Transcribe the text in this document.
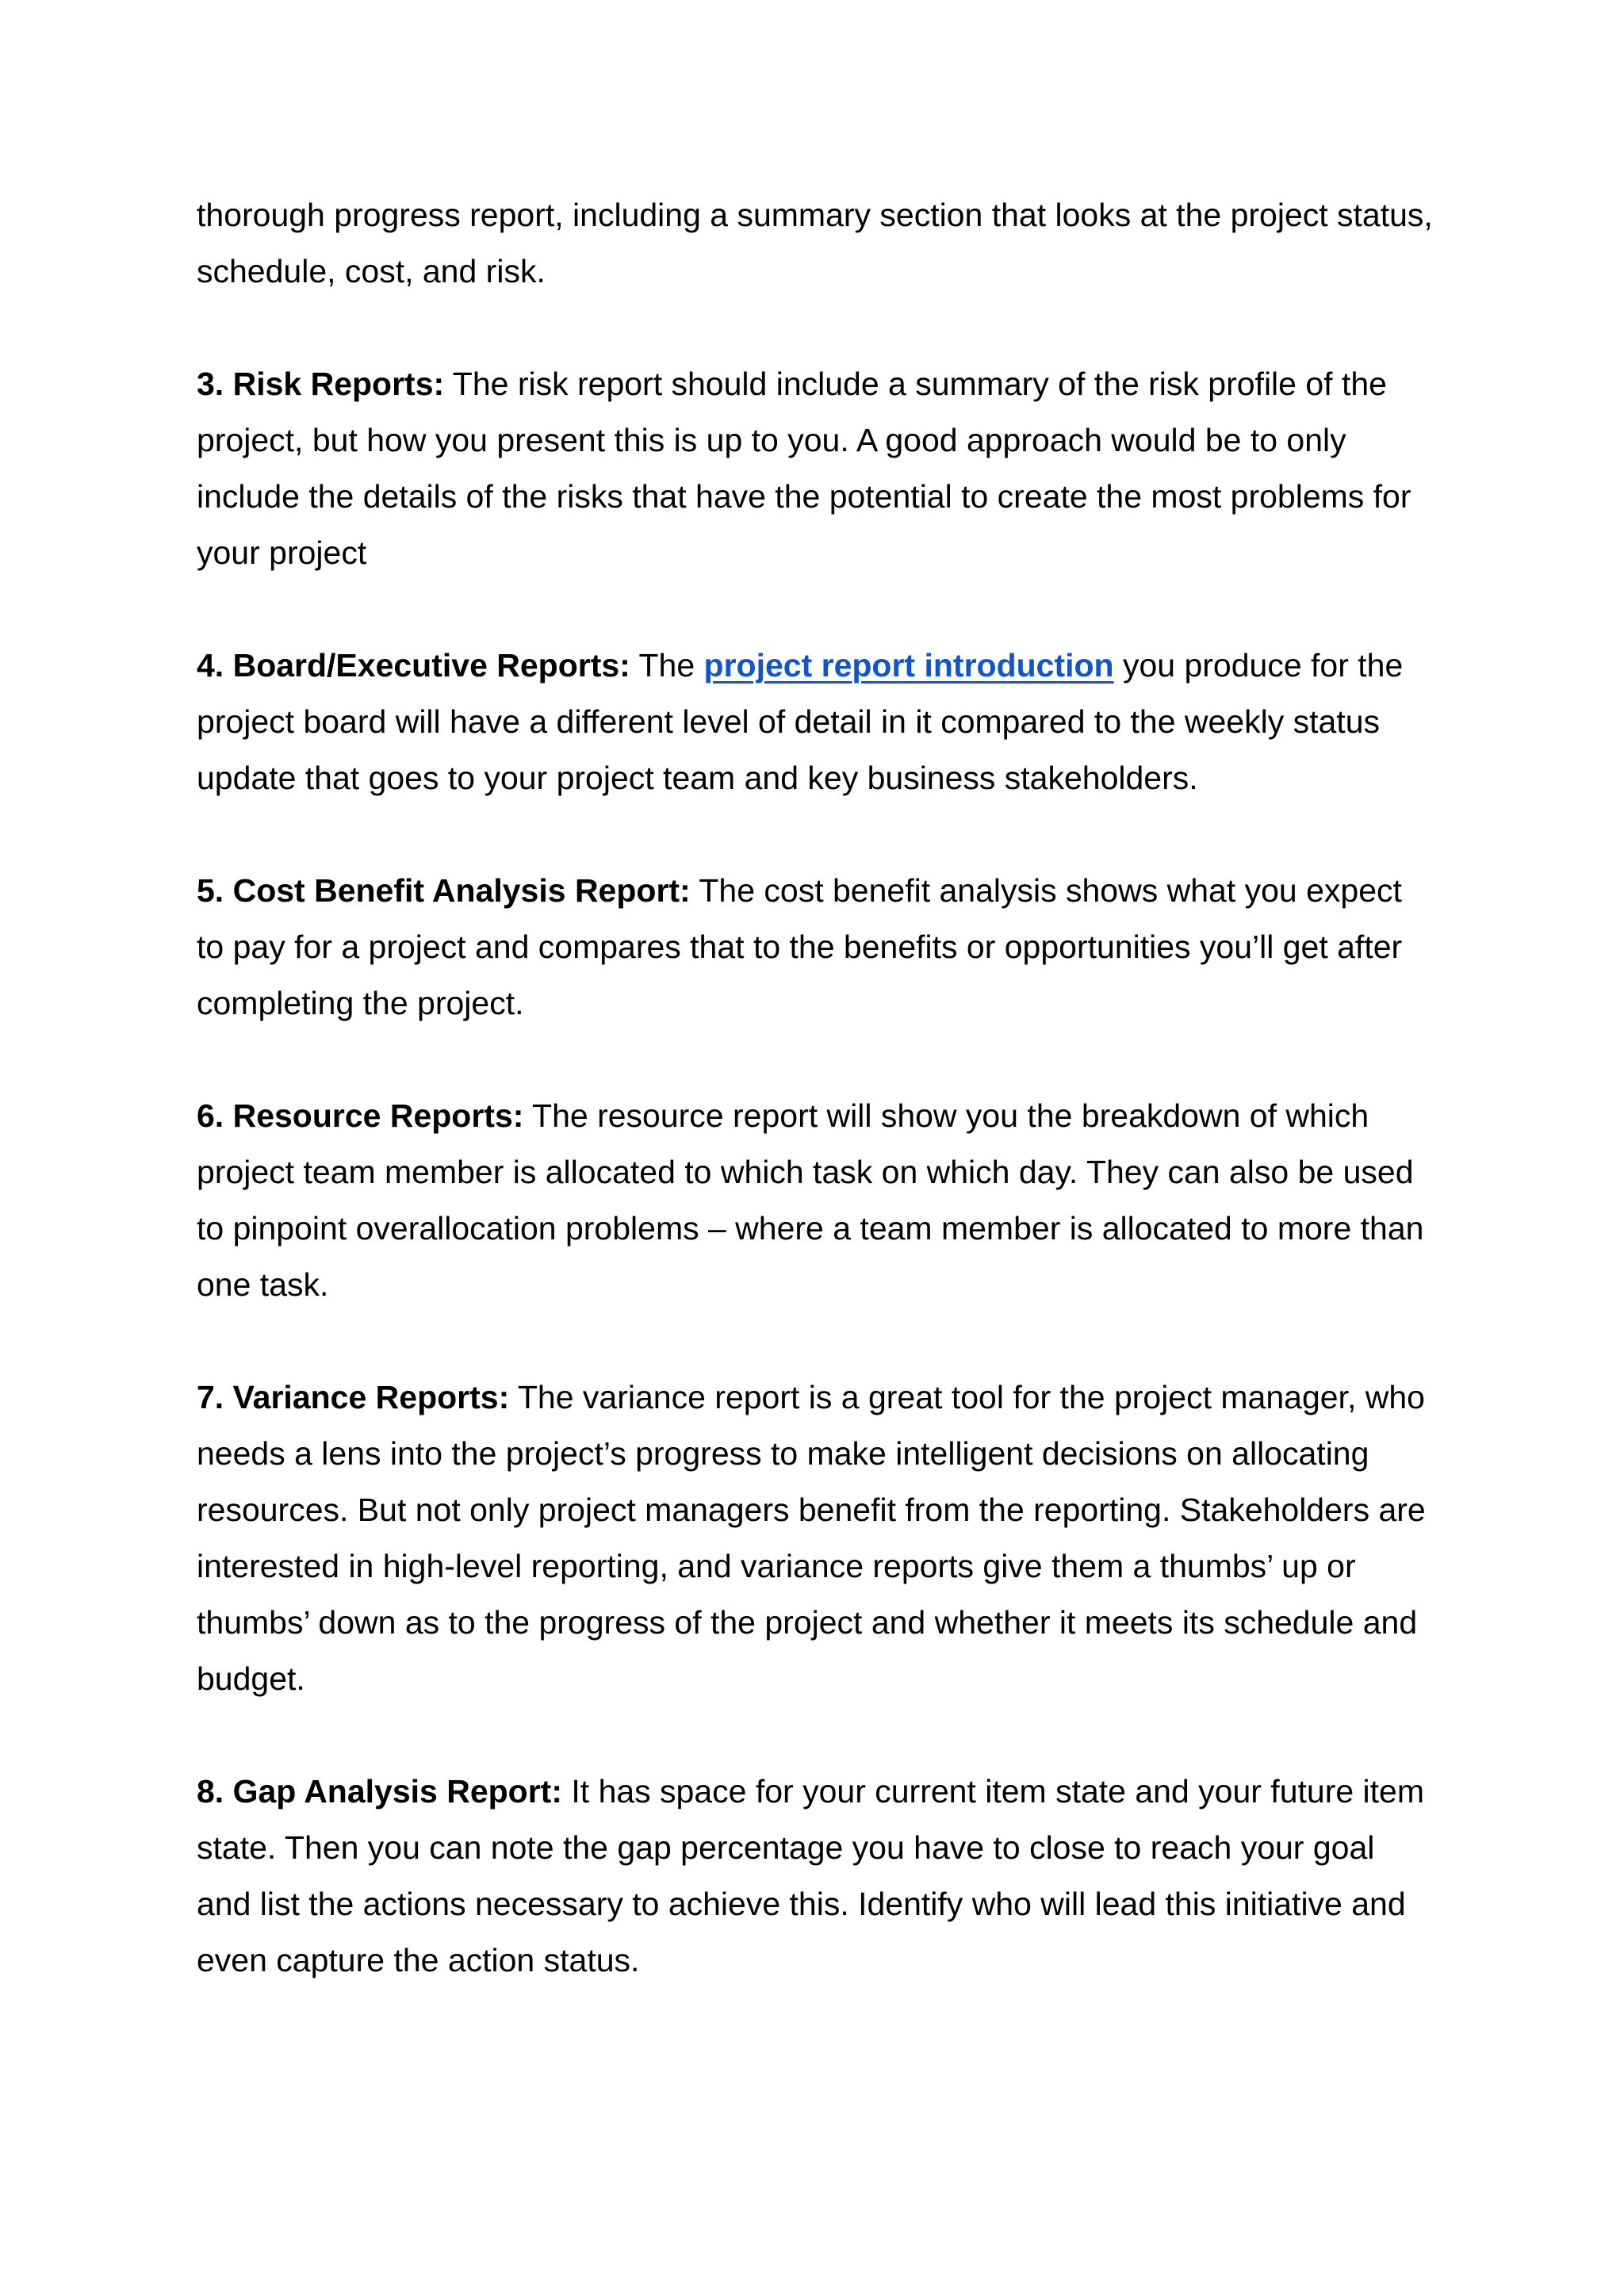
thorough progress report, including a summary section that looks at the project status, schedule, cost, and risk.

3. Risk Reports: The risk report should include a summary of the risk profile of the project, but how you present this is up to you. A good approach would be to only include the details of the risks that have the potential to create the most problems for your project

4. Board/Executive Reports: The project report introduction you produce for the project board will have a different level of detail in it compared to the weekly status update that goes to your project team and key business stakeholders.

5. Cost Benefit Analysis Report: The cost benefit analysis shows what you expect to pay for a project and compares that to the benefits or opportunities you’ll get after completing the project.

6. Resource Reports: The resource report will show you the breakdown of which project team member is allocated to which task on which day. They can also be used to pinpoint overallocation problems – where a team member is allocated to more than one task.

7. Variance Reports: The variance report is a great tool for the project manager, who needs a lens into the project’s progress to make intelligent decisions on allocating resources. But not only project managers benefit from the reporting. Stakeholders are interested in high-level reporting, and variance reports give them a thumbs’ up or thumbs’ down as to the progress of the project and whether it meets its schedule and budget.

8. Gap Analysis Report: It has space for your current item state and your future item state. Then you can note the gap percentage you have to close to reach your goal and list the actions necessary to achieve this. Identify who will lead this initiative and even capture the action status.
